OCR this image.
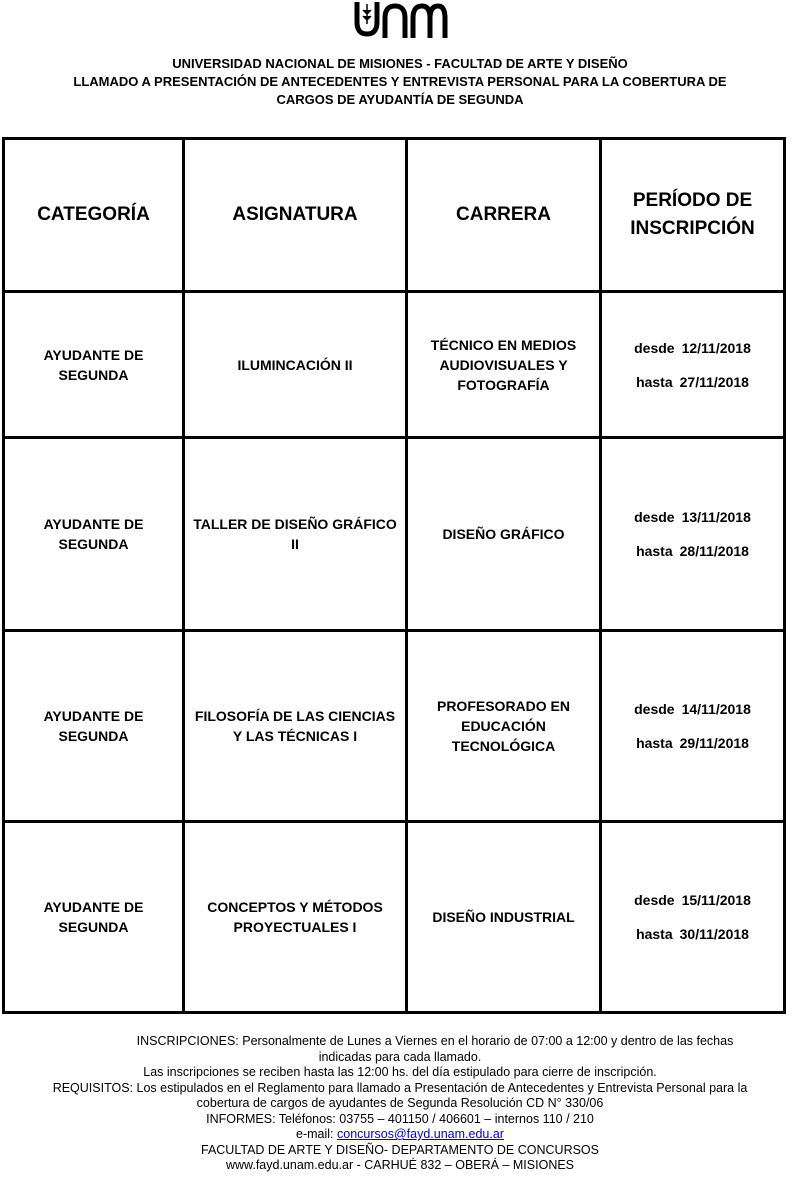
UNIVERSIDAD NACIONAL DE MISIONES - FACULTAD DE ARTE Y DISEÑO
LLAMADO A PRESENTACIÓN DE ANTECEDENTES Y ENTREVISTA PERSONAL PARA LA COBERTURA DE
CARGOS DE AYUDANTÍA DE SEGUNDA
CATEGORÍA	ASIGNATURA	CARRERA	PERÍODO DE INSCRIPCIÓN
AYUDANTE DE SEGUNDA	ILUMINCACIÓN II	TÉCNICO EN MEDIOS AUDIOVISUALES Y FOTOGRAFÍA	desde 12/11/2018
hasta 27/11/2018

AYUDANTE DE SEGUNDA	TALLER DE DISEÑO GRÁFICO II	DISEÑO GRÁFICO	desde 13/11/2018
hasta 28/11/2018

AYUDANTE DE SEGUNDA	FILOSOFÍA DE LAS CIENCIAS Y LAS TÉCNICAS I	PROFESORADO EN EDUCACIÓN TECNOLÓGICA	desde 14/11/2018
hasta 29/11/2018

AYUDANTE DE SEGUNDA	CONCEPTOS Y MÉTODOS PROYECTUALES I	DISEÑO INDUSTRIAL	desde 15/11/2018
hasta 30/11/2018
INSCRIPCIONES: Personalmente de Lunes a Viernes en el horario de 07:00 a 12:00 y dentro de las fechas
indicadas para cada llamado.
Las inscripciones se reciben hasta las 12:00 hs. del día estipulado para cierre de inscripción.
REQUISITOS: Los estipulados en el Reglamento para llamado a Presentación de Antecedentes y Entrevista Personal para la
cobertura de cargos de ayudantes de Segunda Resolución CD N° 330/06
INFORMES: Teléfonos: 03755 – 401150 / 406601 – internos 110 / 210
e-mail: concursos@fayd.unam.edu.ar
FACULTAD DE ARTE Y DISEÑO- DEPARTAMENTO DE CONCURSOS
www.fayd.unam.edu.ar - CARHUÉ 832 – OBERÁ – MISIONES
